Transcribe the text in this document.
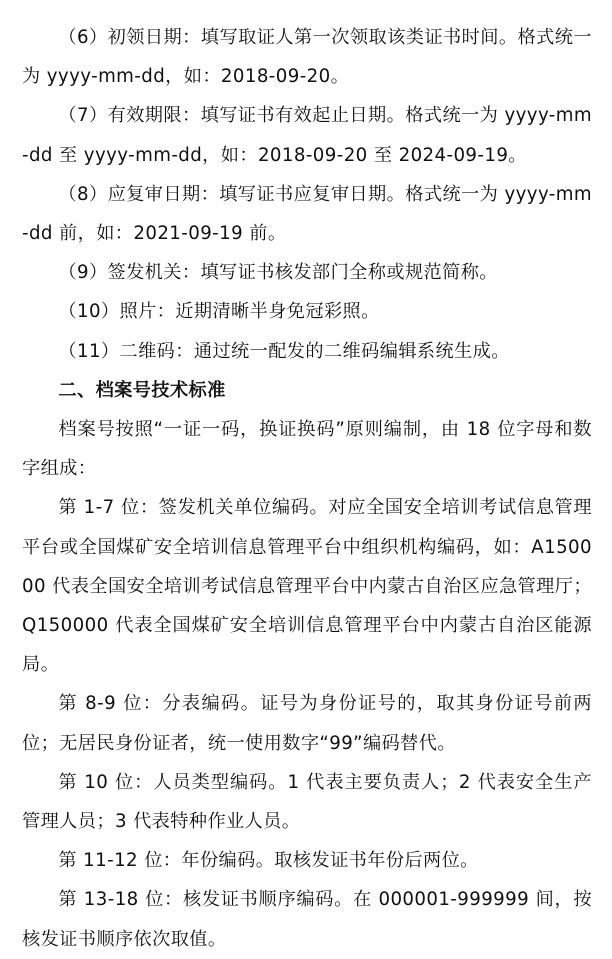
（6）初领日期：填写取证人第一次领取该类证书时间。格式统一为 yyyy-mm-dd，如：2018-09-20。

（7）有效期限：填写证书有效起止日期。格式统一为 yyyy-mm-dd 至 yyyy-mm-dd，如：2018-09-20 至 2024-09-19。

（8）应复审日期：填写证书应复审日期。格式统一为 yyyy-mm-dd 前，如：2021-09-19 前。

（9）签发机关：填写证书核发部门全称或规范简称。

（10）照片：近期清晰半身免冠彩照。

（11）二维码：通过统一配发的二维码编辑系统生成。

二、档案号技术标准

档案号按照“一证一码，换证换码”原则编制，由 18 位字母和数字组成：

第 1-7 位：签发机关单位编码。对应全国安全培训考试信息管理平台或全国煤矿安全培训信息管理平台中组织机构编码，如：A150000 代表全国安全培训考试信息管理平台中内蒙古自治区应急管理厅；Q150000 代表全国煤矿安全培训信息管理平台中内蒙古自治区能源局。

第 8-9 位：分表编码。证号为身份证号的，取其身份证号前两位；无居民身份证者，统一使用数字“99”编码替代。

第 10 位：人员类型编码。1 代表主要负责人；2 代表安全生产管理人员；3 代表特种作业人员。

第 11-12 位：年份编码。取核发证书年份后两位。

第 13-18 位：核发证书顺序编码。在 000001-999999 间，按核发证书顺序依次取值。
